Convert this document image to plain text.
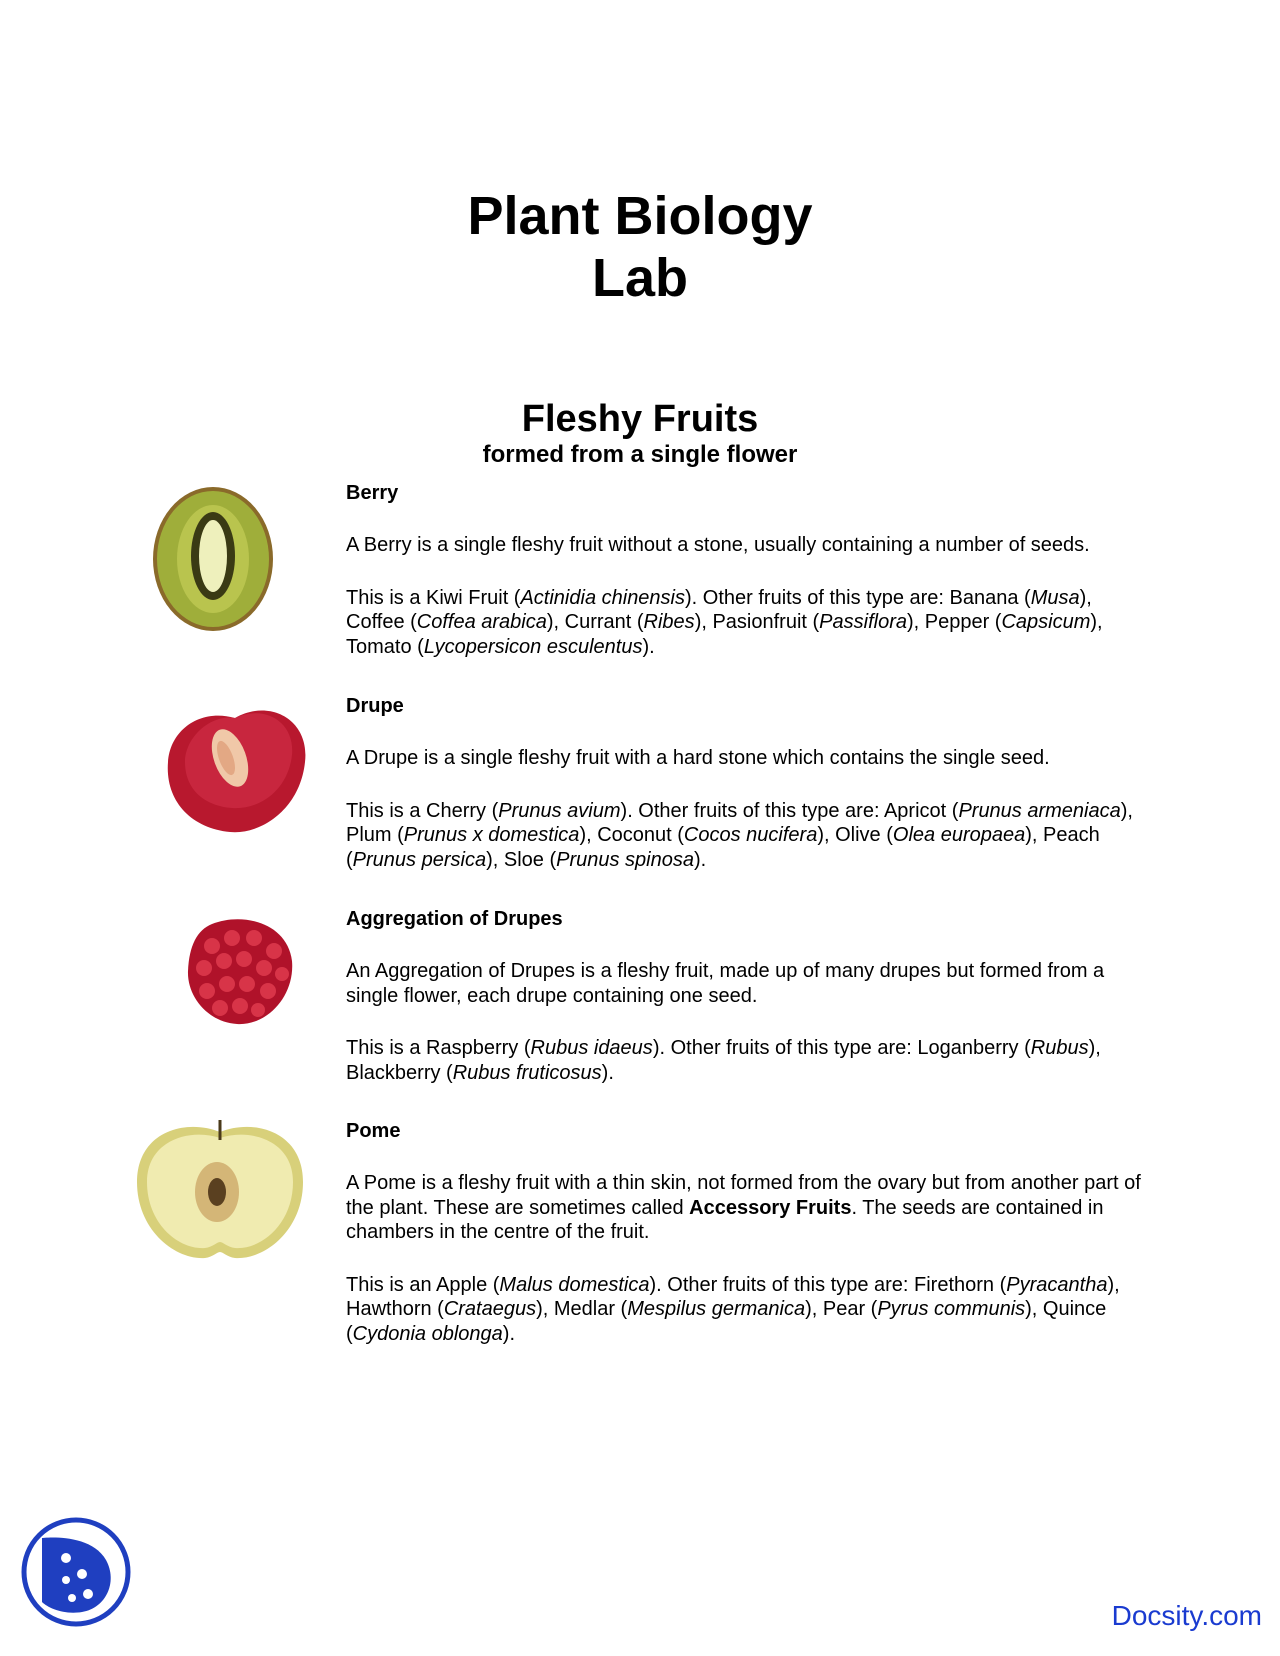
Plant Biology
Lab
Fleshy Fruits
formed from a single flower
Berry

A Berry is a single fleshy fruit without a stone, usually containing a number of seeds.

This is a Kiwi Fruit (Actinidia chinensis). Other fruits of this type are: Banana (Musa), Coffee (Coffea arabica), Currant (Ribes), Pasionfruit (Passiflora), Pepper (Capsicum), Tomato (Lycopersicon esculentus).

Drupe

A Drupe is a single fleshy fruit with a hard stone which contains the single seed.

This is a Cherry (Prunus avium). Other fruits of this type are: Apricot (Prunus armeniaca), Plum (Prunus x domestica), Coconut (Cocos nucifera), Olive (Olea europaea), Peach (Prunus persica), Sloe (Prunus spinosa).

Aggregation of Drupes

An Aggregation of Drupes is a fleshy fruit, made up of many drupes but formed from a single flower, each drupe containing one seed.

This is a Raspberry (Rubus idaeus). Other fruits of this type are: Loganberry (Rubus), Blackberry (Rubus fruticosus).

Pome

A Pome is a fleshy fruit with a thin skin, not formed from the ovary but from another part of the plant. These are sometimes called Accessory Fruits. The seeds are contained in chambers in the centre of the fruit.

This is an Apple (Malus domestica). Other fruits of this type are: Firethorn (Pyracantha), Hawthorn (Crataegus), Medlar (Mespilus germanica), Pear (Pyrus communis), Quince (Cydonia oblonga).

Docsity.com
